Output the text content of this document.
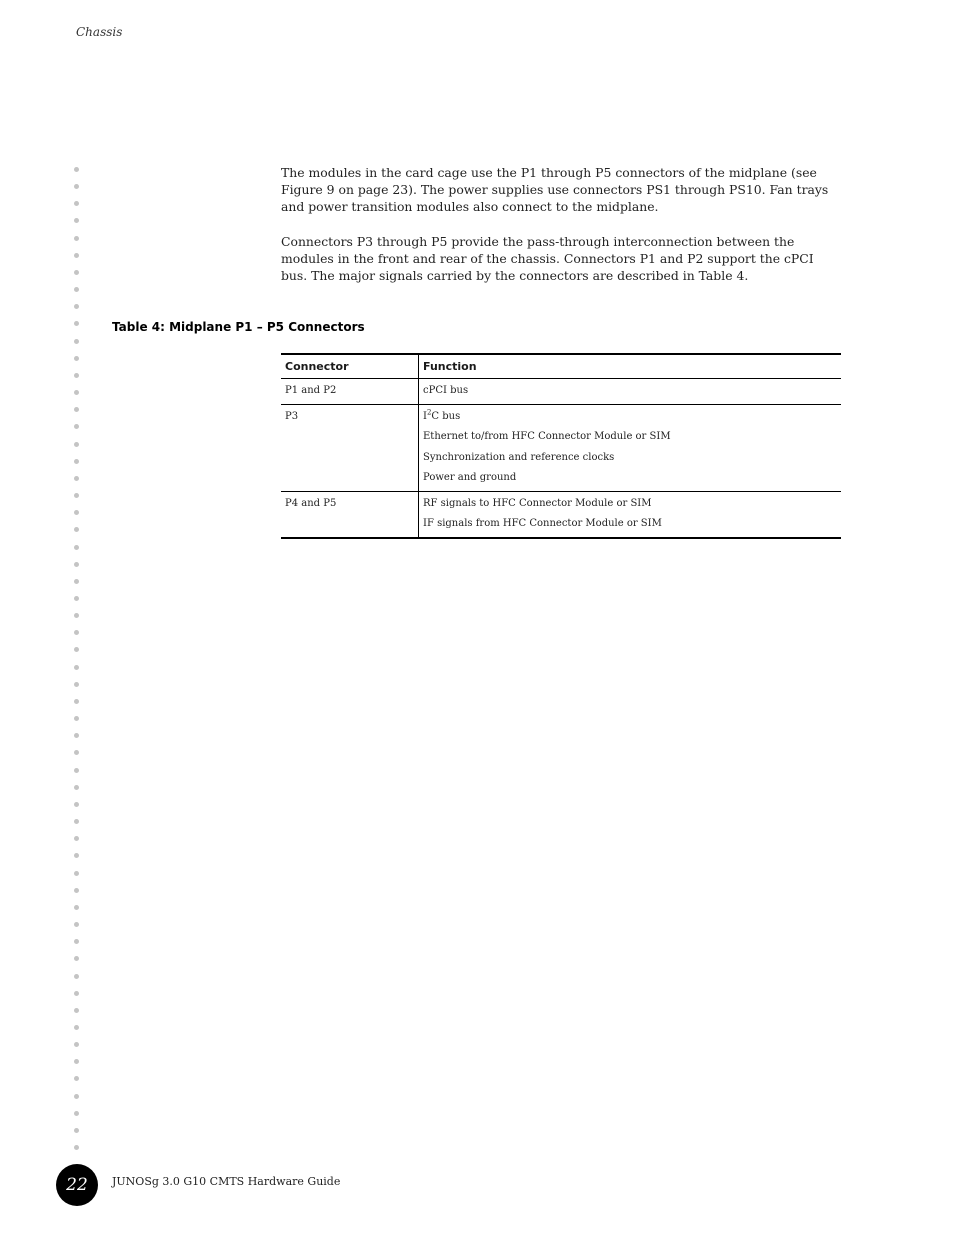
Chassis
The modules in the card cage use the P1 through P5 connectors of the midplane (see Figure 9 on page 23). The power supplies use connectors PS1 through PS10. Fan trays and power transition modules also connect to the midplane.
Connectors P3 through P5 provide the pass-through interconnection between the modules in the front and rear of the chassis. Connectors P1 and P2 support the cPCI bus. The major signals carried by the connectors are described in Table 4.
Table 4: Midplane P1 – P5 Connectors
Connector	Function

P1 and P2	cPCI bus

P3	$I^2C$ bus
Ethernet to/from HFC Connector Module or SIM
Synchronization and reference clocks
Power and ground

P4 and P5	RF signals to HFC Connector Module or SIM
IF signals from HFC Connector Module or SIM
22	JUNOSg 3.0 G10 CMTS Hardware Guide
